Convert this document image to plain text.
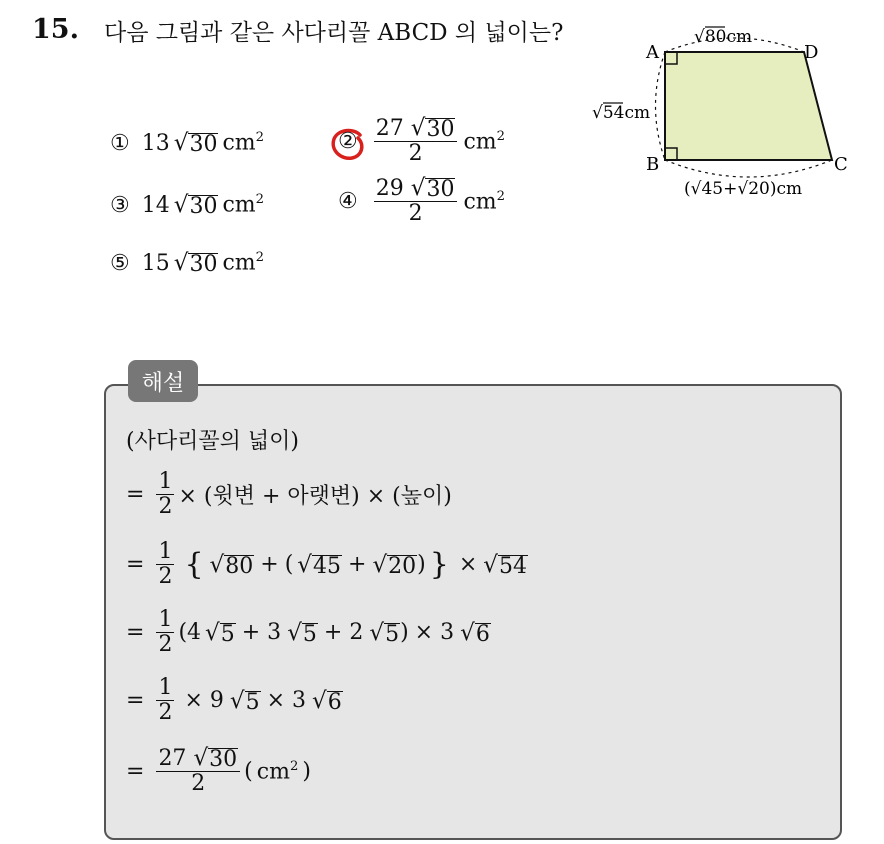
15. 다음 그림과 같은 사다리꼴 ABCD 의 넓이는?
① 13 √ 30 $cm^2$	② $\frac{27 √ 30}{2} cm^2$
③ 14 √ 30 $cm^2$	④ $\frac{29 √ 30}{2} cm^2$
⑤ 15 √ 30 $cm^2$
A	D
B	C
√80cm
√54cm
(√45+√20)cm
해설
(사다리꼴의 넓이)
= $\frac{1}{2}$ × (윗변 + 아랫변) × (높이)
= $\frac{1}{2}$ { √ 80 + ( √ 45 + √ 20 ) } × √ 54
= $\frac{1}{2} (4$ √ 5 + 3 √ 5 + 2 √ 5 ) × 3 √ 6
= $\frac{1}{2} \times 9$ √ 5 × 3 √ 6
= $\frac{27 √ 30}{2}$ ( $cm^2$ )
